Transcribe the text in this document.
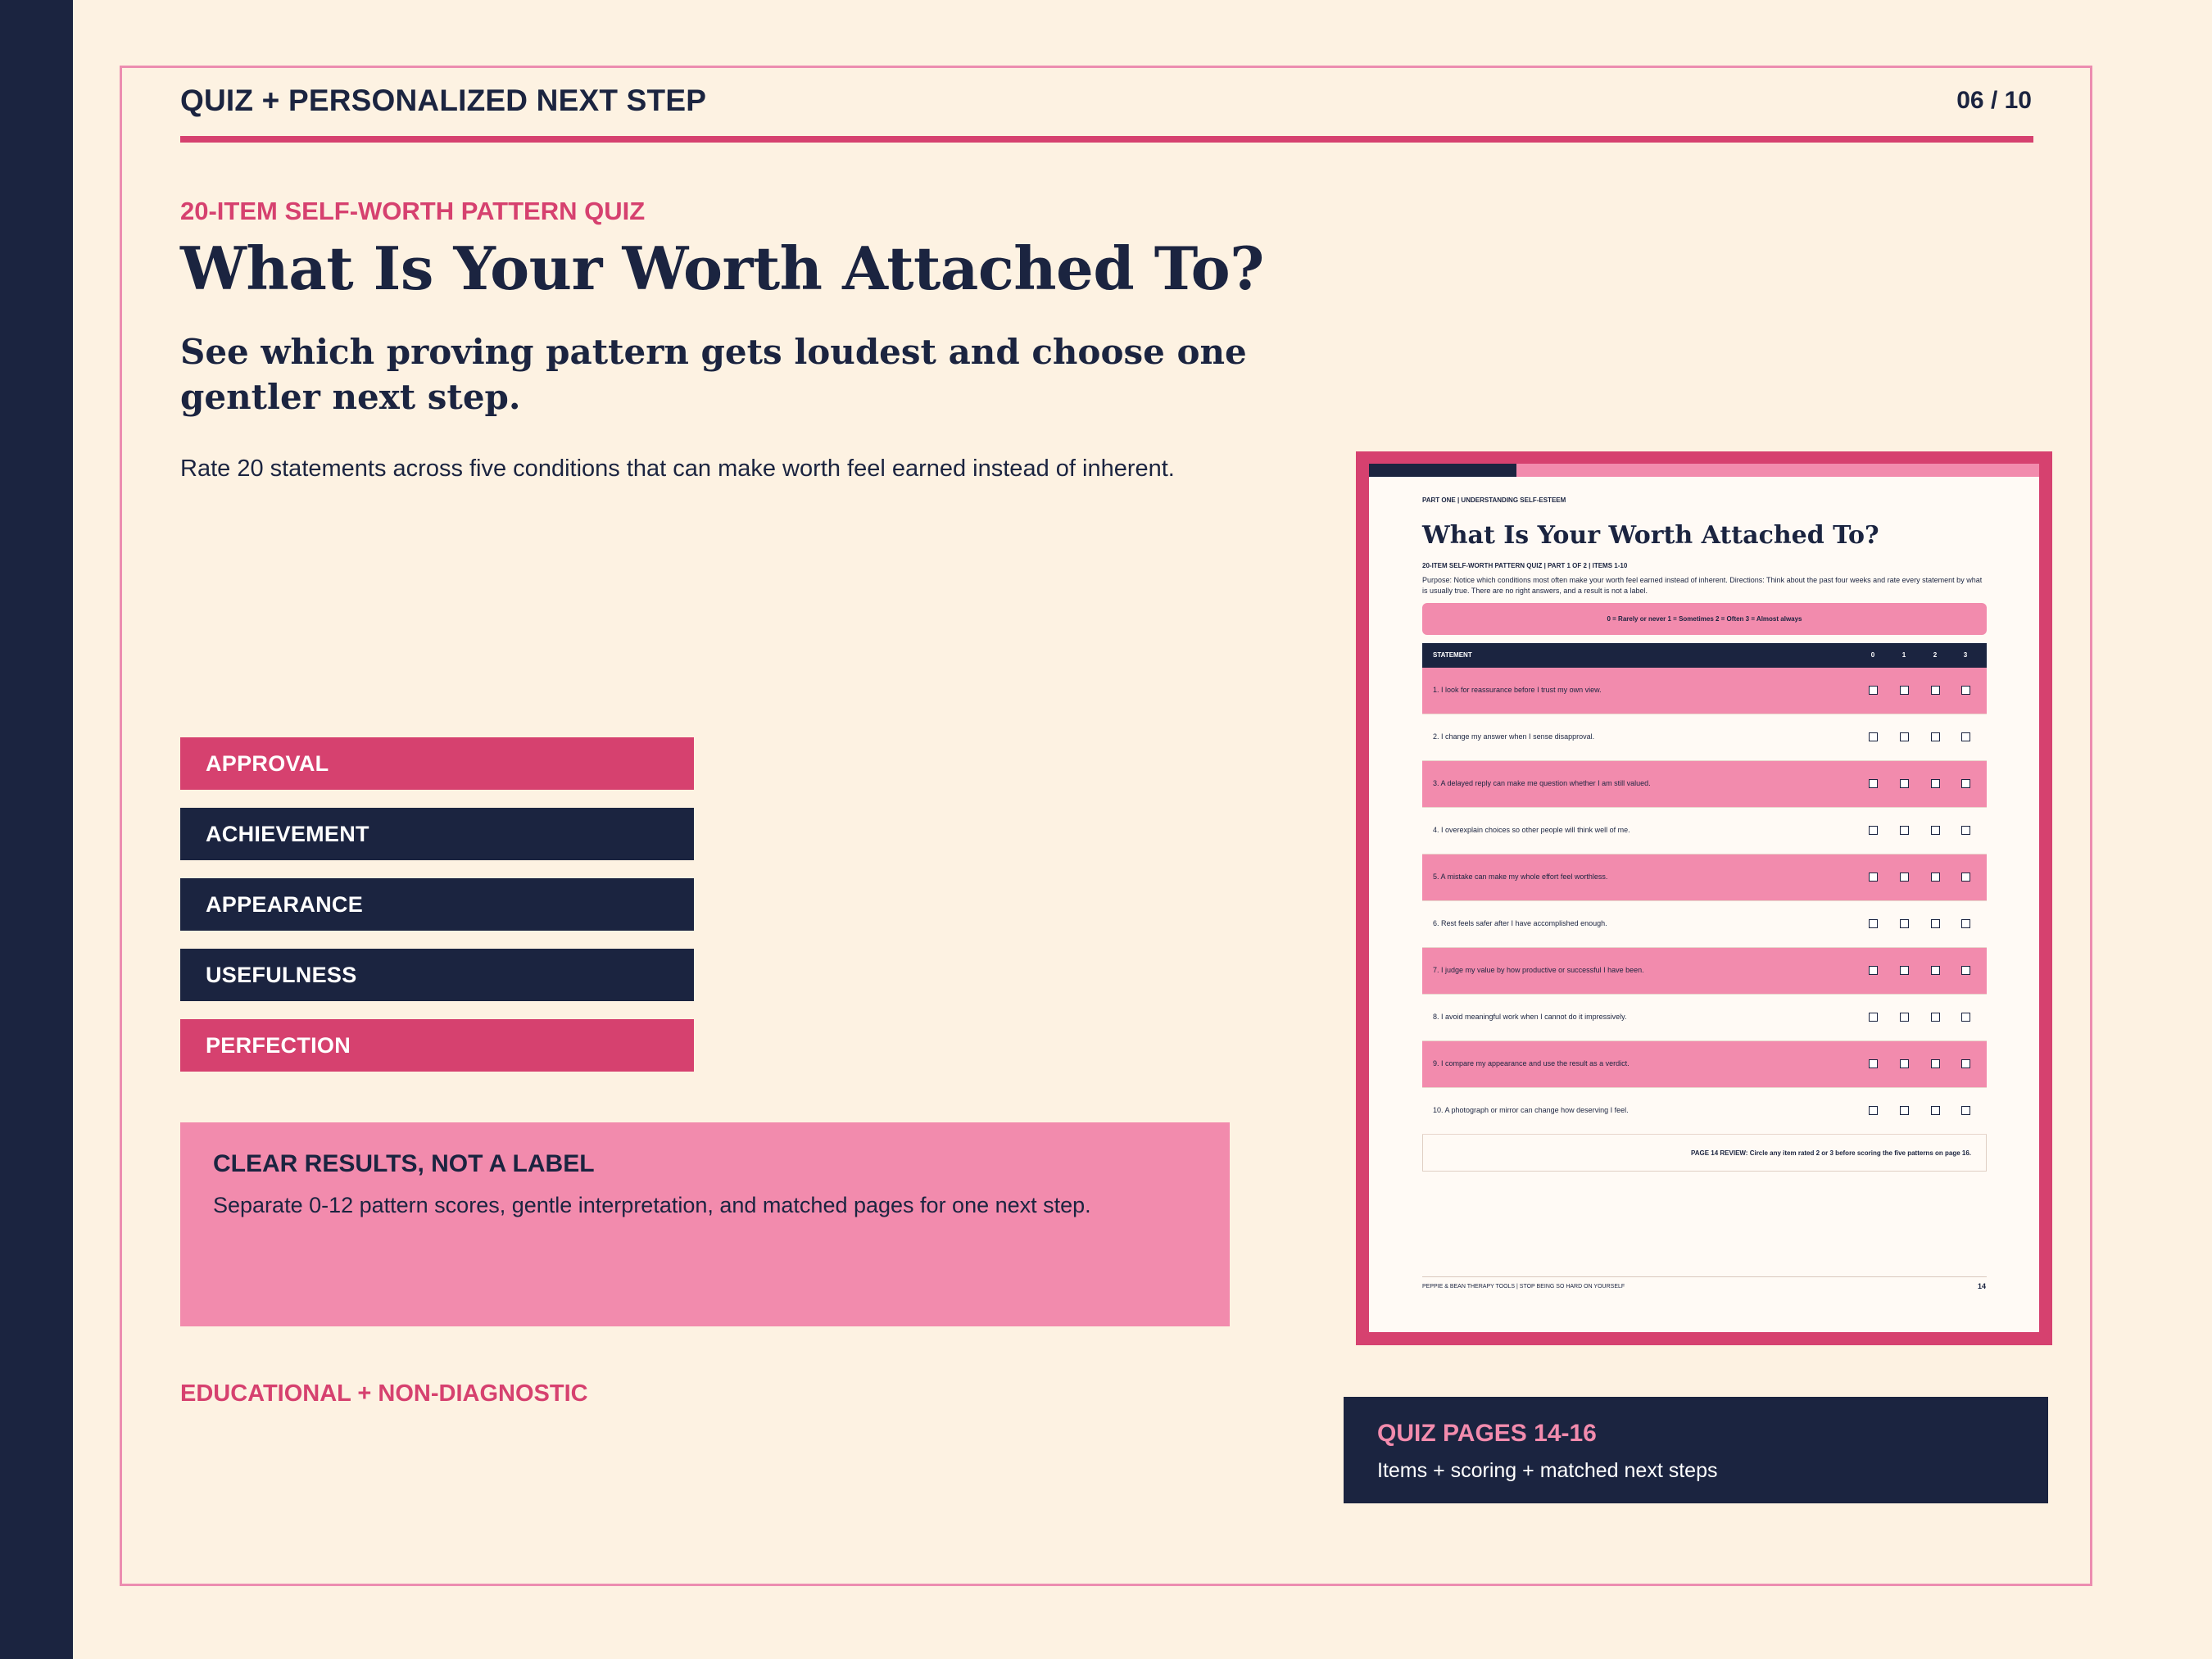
QUIZ + PERSONALIZED NEXT STEP	06 / 10
20-ITEM SELF-WORTH PATTERN QUIZ
What Is Your Worth Attached To?
See which proving pattern gets loudest and choose one gentler next step.
Rate 20 statements across five conditions that can make worth feel earned instead of inherent.
APPROVAL
ACHIEVEMENT
APPEARANCE
USEFULNESS
PERFECTION
CLEAR RESULTS, NOT A LABEL
Separate 0-12 pattern scores, gentle interpretation, and matched pages for one next step.
EDUCATIONAL + NON-DIAGNOSTIC
PART ONE | UNDERSTANDING SELF-ESTEEM
What Is Your Worth Attached To?
20-ITEM SELF-WORTH PATTERN QUIZ | PART 1 OF 2 | ITEMS 1-10
Purpose: Notice which conditions most often make your worth feel earned instead of inherent. Directions: Think about the past four weeks and rate every statement by what is usually true. There are no right answers, and a result is not a label.
0 = Rarely or never 1 = Sometimes 2 = Often 3 = Almost always
STATEMENT	0	1	2	3
1. I look for reassurance before I trust my own view.
2. I change my answer when I sense disapproval.
3. A delayed reply can make me question whether I am still valued.
4. I overexplain choices so other people will think well of me.
5. A mistake can make my whole effort feel worthless.
6. Rest feels safer after I have accomplished enough.
7. I judge my value by how productive or successful I have been.
8. I avoid meaningful work when I cannot do it impressively.
9. I compare my appearance and use the result as a verdict.
10. A photograph or mirror can change how deserving I feel.
PAGE 14 REVIEW: Circle any item rated 2 or 3 before scoring the five patterns on page 16.
PEPPIE & BEAN THERAPY TOOLS | STOP BEING SO HARD ON YOURSELF	14
QUIZ PAGES 14-16
Items + scoring + matched next steps
